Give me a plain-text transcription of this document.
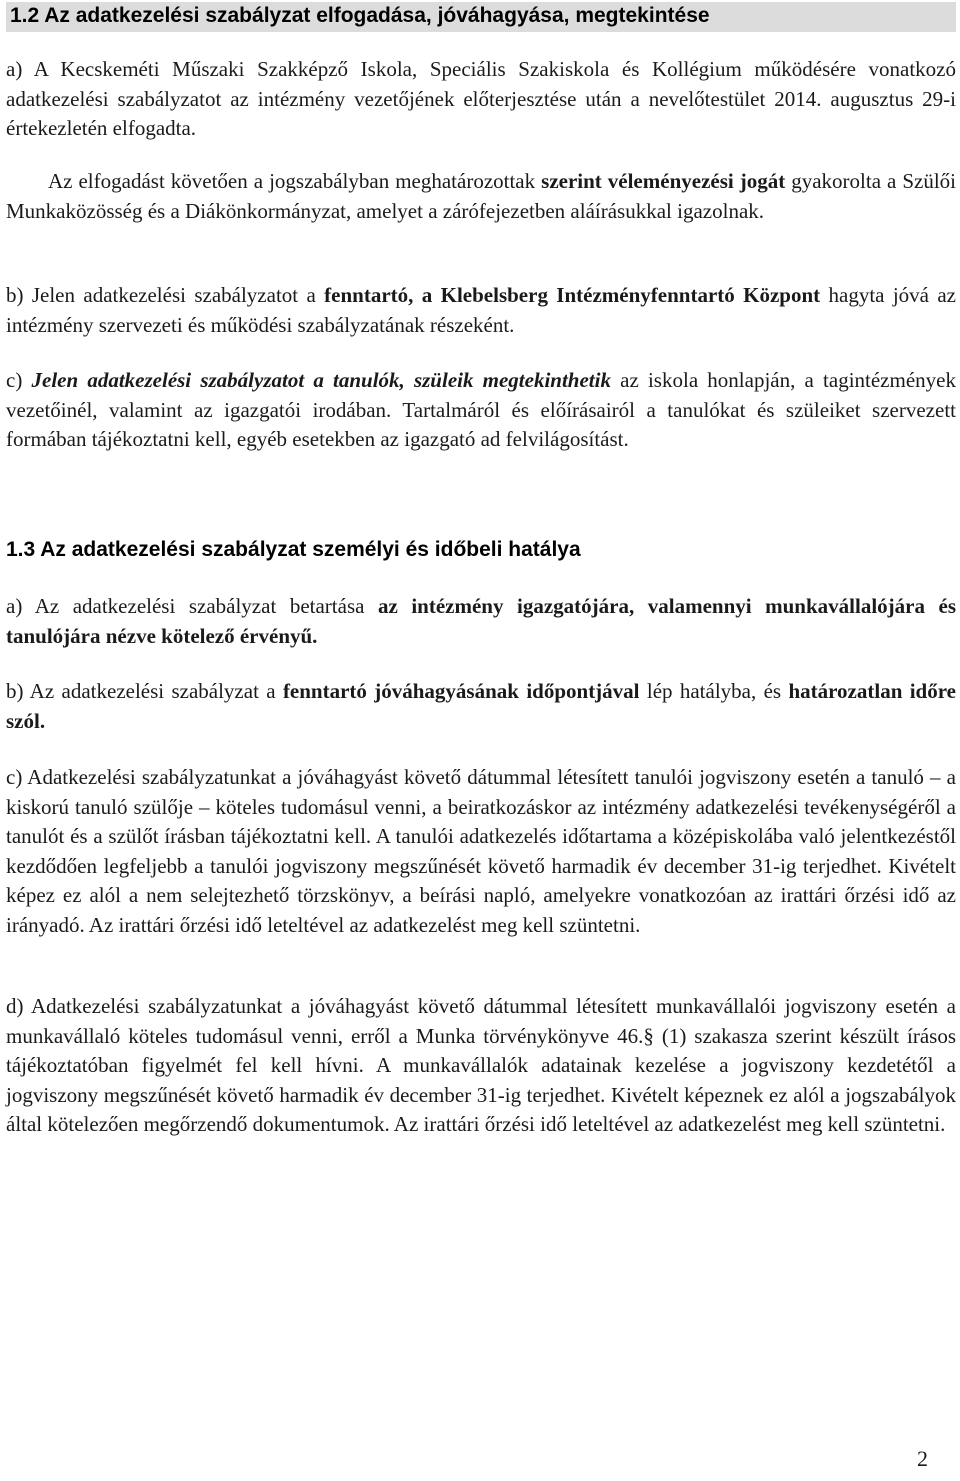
1.2 Az adatkezelési szabályzat elfogadása, jóváhagyása, megtekintése

a) A Kecskeméti Műszaki Szakképző Iskola, Speciális Szakiskola és Kollégium működésére vonatkozó adatkezelési szabályzatot az intézmény vezetőjének előterjesztése után a nevelőtestület 2014. augusztus 29-i értekezletén elfogadta.

Az elfogadást követően a jogszabályban meghatározottak szerint véleményezési jogát gyakorolta a Szülői Munkaközösség és a Diákönkormányzat, amelyet a zárófejezetben aláírásukkal igazolnak.

b) Jelen adatkezelési szabályzatot a fenntartó, a Klebelsberg Intézményfenntartó Központ hagyta jóvá az intézmény szervezeti és működési szabályzatának részeként.

c) Jelen adatkezelési szabályzatot a tanulók, szüleik megtekinthetik az iskola honlapján, a tagintézmények vezetőinél, valamint az igazgatói irodában. Tartalmáról és előírásairól a tanulókat és szüleiket szervezett formában tájékoztatni kell, egyéb esetekben az igazgató ad felvilágosítást.

1.3 Az adatkezelési szabályzat személyi és időbeli hatálya

a) Az adatkezelési szabályzat betartása az intézmény igazgatójára, valamennyi munkavállalójára és tanulójára nézve kötelező érvényű.

b) Az adatkezelési szabályzat a fenntartó jóváhagyásának időpontjával lép hatályba, és határozatlan időre szól.

c) Adatkezelési szabályzatunkat a jóváhagyást követő dátummal létesített tanulói jogviszony esetén a tanuló – a kiskorú tanuló szülője – köteles tudomásul venni, a beiratkozáskor az intézmény adatkezelési tevékenységéről a tanulót és a szülőt írásban tájékoztatni kell. A tanulói adatkezelés időtartama a középiskolába való jelentkezéstől kezdődően legfeljebb a tanulói jogviszony megszűnését követő harmadik év december 31-ig terjedhet. Kivételt képez ez alól a nem selejtezhető törzskönyv, a beírási napló, amelyekre vonatkozóan az irattári őrzési idő az irányadó. Az irattári őrzési idő leteltével az adatkezelést meg kell szüntetni.

d) Adatkezelési szabályzatunkat a jóváhagyást követő dátummal létesített munkavállalói jogviszony esetén a munkavállaló köteles tudomásul venni, erről a Munka törvénykönyve 46.§ (1) szakasza szerint készült írásos tájékoztatóban figyelmét fel kell hívni. A munkavállalók adatainak kezelése a jogviszony kezdetétől a jogviszony megszűnését követő harmadik év december 31-ig terjedhet. Kivételt képeznek ez alól a jogszabályok által kötelezően megőrzendő dokumentumok. Az irattári őrzési idő leteltével az adatkezelést meg kell szüntetni.

2
